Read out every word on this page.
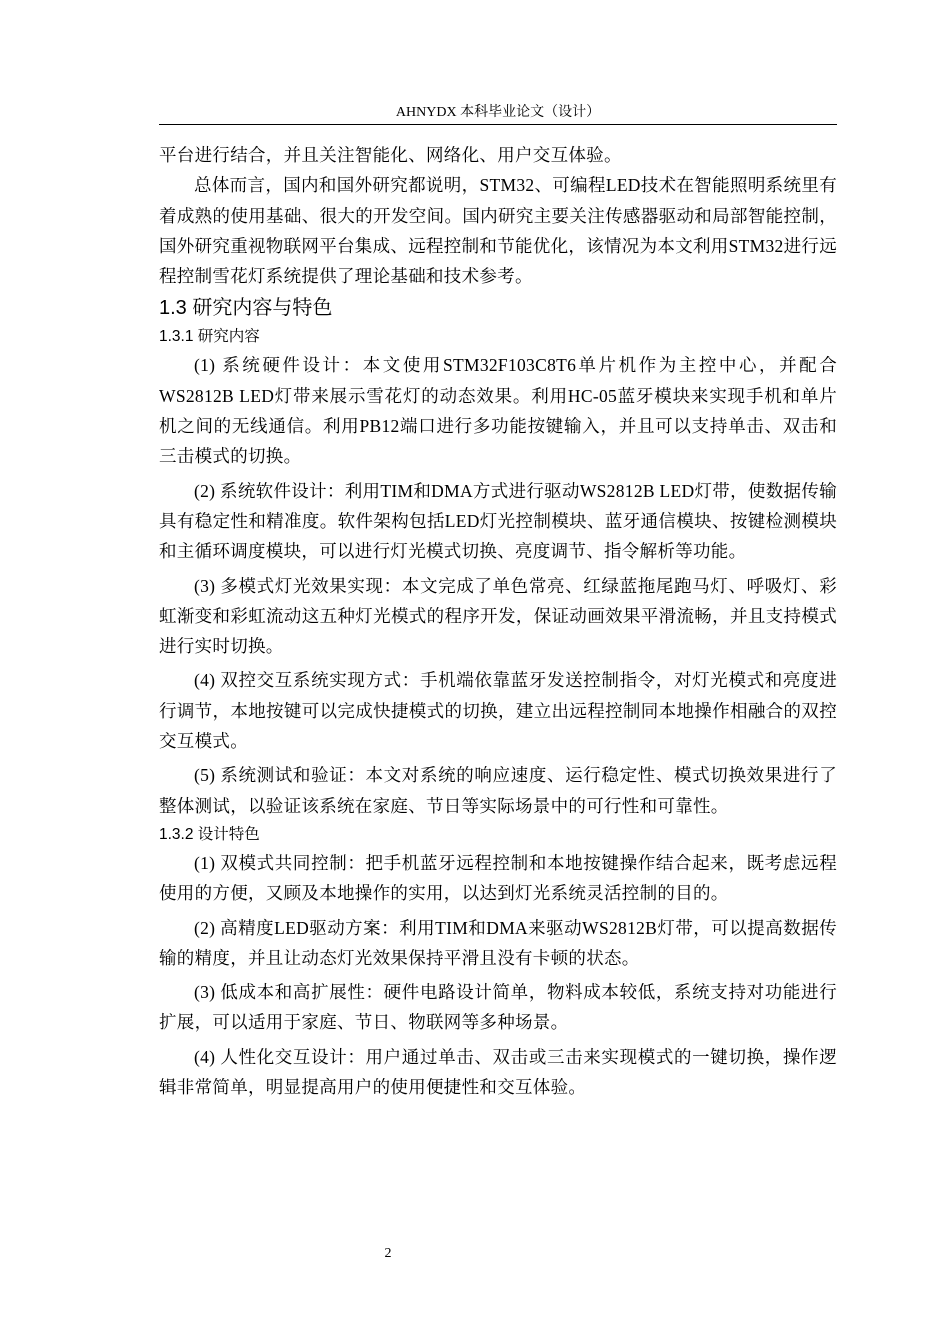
AHNYDX 本科毕业论文（设计）

平台进行结合，并且关注智能化、网络化、用户交互体验。

总体而言，国内和国外研究都说明，STM32、可编程LED技术在智能照明系统里有着成熟的使用基础、很大的开发空间。国内研究主要关注传感器驱动和局部智能控制，国外研究重视物联网平台集成、远程控制和节能优化，该情况为本文利用STM32进行远程控制雪花灯系统提供了理论基础和技术参考。

1.3 研究内容与特色
1.3.1 研究内容

(1) 系统硬件设计：本文使用STM32F103C8T6单片机作为主控中心，并配合WS2812B LED灯带来展示雪花灯的动态效果。利用HC-05蓝牙模块来实现手机和单片机之间的无线通信。利用PB12端口进行多功能按键输入，并且可以支持单击、双击和三击模式的切换。

(2) 系统软件设计：利用TIM和DMA方式进行驱动WS2812B LED灯带，使数据传输具有稳定性和精准度。软件架构包括LED灯光控制模块、蓝牙通信模块、按键检测模块和主循环调度模块，可以进行灯光模式切换、亮度调节、指令解析等功能。

(3) 多模式灯光效果实现：本文完成了单色常亮、红绿蓝拖尾跑马灯、呼吸灯、彩虹渐变和彩虹流动这五种灯光模式的程序开发，保证动画效果平滑流畅，并且支持模式进行实时切换。

(4) 双控交互系统实现方式：手机端依靠蓝牙发送控制指令，对灯光模式和亮度进行调节，本地按键可以完成快捷模式的切换，建立出远程控制同本地操作相融合的双控交互模式。

(5) 系统测试和验证：本文对系统的响应速度、运行稳定性、模式切换效果进行了整体测试，以验证该系统在家庭、节日等实际场景中的可行性和可靠性。

1.3.2 设计特色

(1) 双模式共同控制：把手机蓝牙远程控制和本地按键操作结合起来，既考虑远程使用的方便，又顾及本地操作的实用，以达到灯光系统灵活控制的目的。

(2) 高精度LED驱动方案：利用TIM和DMA来驱动WS2812B灯带，可以提高数据传输的精度，并且让动态灯光效果保持平滑且没有卡顿的状态。

(3) 低成本和高扩展性：硬件电路设计简单，物料成本较低，系统支持对功能进行扩展，可以适用于家庭、节日、物联网等多种场景。

(4) 人性化交互设计：用户通过单击、双击或三击来实现模式的一键切换，操作逻辑非常简单，明显提高用户的使用便捷性和交互体验。

2
